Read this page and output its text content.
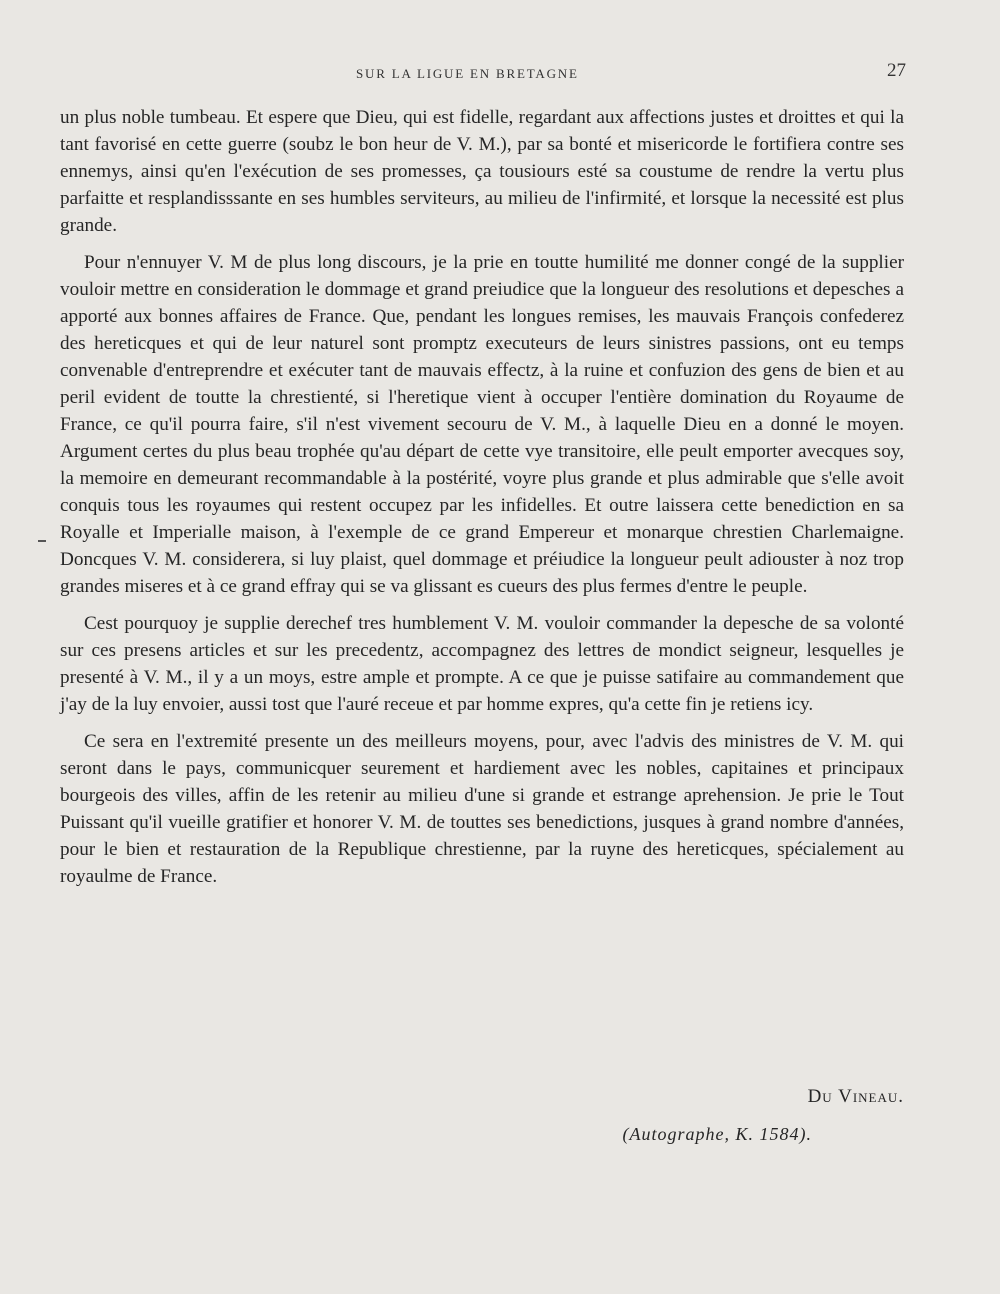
SUR LA LIGUE EN BRETAGNE	27

un plus noble tumbeau. Et espere que Dieu, qui est fidelle, regardant aux affections justes et droittes et qui la tant favorisé en cette guerre (soubz le bon heur de V. M.), par sa bonté et misericorde le fortifiera contre ses ennemys, ainsi qu'en l'exécution de ses promesses, ça tousiours esté sa coustume de rendre la vertu plus parfaitte et resplandisssante en ses humbles serviteurs, au milieu de l'infirmité, et lorsque la necessité est plus grande.

Pour n'ennuyer V. M de plus long discours, je la prie en toutte humilité me donner congé de la supplier vouloir mettre en consideration le dommage et grand preiudice que la longueur des resolutions et depesches a apporté aux bonnes affaires de France. Que, pendant les longues remises, les mauvais François confederez des hereticques et qui de leur naturel sont promptz executeurs de leurs sinistres passions, ont eu temps convenable d'entreprendre et exécuter tant de mauvais effectz, à la ruine et confuzion des gens de bien et au peril evident de toutte la chrestienté, si l'heretique vient à occuper l'entière domination du Royaume de France, ce qu'il pourra faire, s'il n'est vivement secouru de V. M., à laquelle Dieu en a donné le moyen. Argument certes du plus beau trophée qu'au départ de cette vye transitoire, elle peult emporter avecques soy, la memoire en demeurant recommandable à la postérité, voyre plus grande et plus admirable que s'elle avoit conquis tous les royaumes qui restent occupez par les infidelles. Et outre laissera cette benediction en sa Royalle et Imperialle maison, à l'exemple de ce grand Empereur et monarque chrestien Charlemaigne. Doncques V. M. considerera, si luy plaist, quel dommage et préiudice la longueur peult adiouster à noz trop grandes miseres et à ce grand effray qui se va glissant es cueurs des plus fermes d'entre le peuple.

Cest pourquoy je supplie derechef tres humblement V. M. vouloir commander la depesche de sa volonté sur ces presens articles et sur les precedentz, accompagnez des lettres de mondict seigneur, lesquelles je presenté à V. M., il y a un moys, estre ample et prompte. A ce que je puisse satifaire au commandement que j'ay de la luy envoier, aussi tost que l'auré receue et par homme expres, qu'a cette fin je retiens icy.

Ce sera en l'extremité presente un des meilleurs moyens, pour, avec l'advis des ministres de V. M. qui seront dans le pays, communicquer seurement et hardiement avec les nobles, capitaines et principaux bourgeois des villes, affin de les retenir au milieu d'une si grande et estrange aprehension. Je prie le Tout Puissant qu'il vueille gratifier et honorer V. M. de touttes ses benedictions, jusques à grand nombre d'années, pour le bien et restauration de la Republique chrestienne, par la ruyne des hereticques, spécialement au royaulme de France.

Du Vineau.
(Autographe, K. 1584).
